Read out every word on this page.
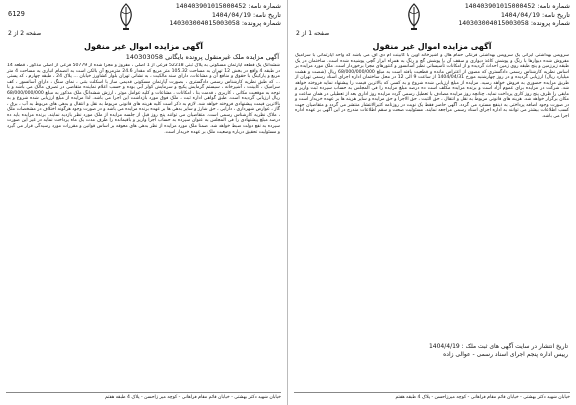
6129
شماره نامه: 140403901015000452
تاریخ نامه: 1404/04/19
شماره پرونده: 140303004015003058
صفحه 2 از 2
آگهی مزایده اموال غیر منقول
آگهی مزایده ملک غیرمنقول پرونده بایگانی 140303058
ششدانگ یک قطعه آپارتمان مسکونی به پلاک ثبتی 52218 فرعی از 1 اصلی ، مفروز و مجزا شده از 50779 فرعی از اصلی مذکور ، قطعه 14 در طبقه 4 واقع در بخش 12 تهران به مساحت 105.32 متر مربع که مقدار 24.6 مترمربع آن بالکن است به انضمام انباری به مساحت 4 متر مربع و پارکینگ با حقوق و منافع آن و مشاعات، دارای سند مالکیت ، به نشانی تهران بلوار کشاورز خیابان ... پلاک 24 ، طبقه چهارم ، کد پستی ... که طبق نظریه کارشناس رسمی دادگستری ، بصورت آپارتمان مسکونی قدیمی ساز با اسکلت بتنی ، نمای سنگ ، دارای آسانسور ، کف سرامیک ، کابینت ، آشپزخانه ، سیستم گرمایش پکیج و سرمایش کولر آبی بوده و حسب اعلام نماینده متقاضی در تصرف مالک می باشد و با توجه به موقعیت مکانی ، کاربری ، قدمت بنا ، امکانات ، مشاعات و کلیه عوامل موثر ، ارزش ششدانگ ملک مذکور به مبلغ 68/000/000/000 ریال ارزیابی گردیده است. طبق گواهی اداره ثبت ، ملک فوق مورد بازداشت این اجرا می باشد. لذا مزایده از مبلغ ارزیابی شده شروع و به بالاترین قیمت پیشنهادی فروخته خواهد شد. لازم به ذکر است کلیه هزینه های قانونی مربوط به نقل و انتقال و بدهی های مربوط به آب ، برق ، گاز ، عوارض شهرداری ، دارایی ، حق شارژ و سایر بدهی ها بر عهده برنده مزایده می باشد و در صورت وجود هرگونه اختلاف در مشخصات ملک ، ملاک نظریه کارشناس رسمی است. متقاضیان می توانند پنج روز قبل از جلسه مزایده از ملک مورد نظر بازدید نمایند. برنده مزایده باید ده درصد مبلغ پیشنهادی را فی المجلس به عنوان سپرده به حساب اجرا واریز و باقیمانده را ظرف مدت یک ماه پرداخت نماید در غیر این صورت سپرده به نفع دولت ضبط خواهد شد. ضمنا ملک مورد مزایده از نظر بدهی های معوقه بر اساس قوانین و مقررات مورد رسیدگی قرار می گیرد و مسئولیت تحقیق درباره وضعیت ملک بر عهده خریدار است.
خیابان شهید دکتر بهشتی - خیابان قائم مقام فراهانی - کوچه میر زاحسن - پلاک 4 طبقه هفتم
شماره نامه: 140403901015000452
تاریخ نامه: 1404/04/19
شماره پرونده: 140303004015003058
صفحه 1 از 2
آگهی مزایده اموال غیر منقول
سرویس بهداشتی ایرانی یک سرویس بهداشتی فرنگی حمام هال و آشپزخانه اوپن با کابینت ام دی اف می باشد که واحد آپارتمانی با سرامیک مفروش شده دیوارها با رنگ و پوشش کاغذ دیواری و سقف آن با پوشش گچ و رنگ به همراه ابزار گچی پوشیده شده است. ساختمان در یک طبقه زیرزمین و پنج طبقه روی زمین احداث گردیده و از امکانات تأسیساتی نظیر آسانسور و کنتورهای مجزا برخوردار است. ملک مورد مزایده بر اساس نظریه کارشناس رسمی دادگستری که مصون از اعتراض مانده و قطعیت یافته است به مبلغ 68/000/000/000 ریال (شصت و هشت میلیارد ریال) ارزیابی گردیده و در روز چهارشنبه مورخ 1404/04/31 از ساعت 9 الی 12 در محل ساختمان اداره اجرای اسناد رسمی تهران از طریق مزایده حضوری به فروش خواهد رسید. مزایده از مبلغ ارزیابی شده شروع و به کسی که بالاترین قیمت را پیشنهاد نماید فروخته خواهد شد. شرکت در مزایده برای عموم آزاد است و برنده مزایده مکلف است ده درصد مبلغ مزایده را فی المجلس به حساب سپرده ثبت واریز و مابقی را ظرف پنج روز کاری پرداخت نماید. چنانچه روز مزایده مصادف با تعطیل رسمی گردد مزایده روز اداری بعد از تعطیلی در همان ساعت و مکان برگزار خواهد شد. هزینه های قانونی مربوط به نقل و انتقال ، حق الثبت ، حق الاجرا و حق مزایده و سایر هزینه ها بر عهده خریدار است و در صورت وجود اضافه پرداختی به ذینفع مسترد می گردد. آگهی حاضر فقط یک نوبت در روزنامه کثیرالانتشار منتشر می گردد و متقاضیان جهت کسب اطلاعات بیشتر می توانند به اداره اجرای اسناد رسمی مراجعه نمایند. مسئولیت صحت و سقم اطلاعات مندرج در این آگهی بر عهده اداره اجرا می باشد.
تاریخ انتشار در سایت آگهی های ثبت ملک : 1404/4/19
رییس اداره پنجم اجرای اسناد رسمی - عوالی زاده
خیابان شهید دکتر بهشتی - خیابان قائم مقام فراهانی - کوچه میرزاحسن - پلاک 4 طبقه هفتم
